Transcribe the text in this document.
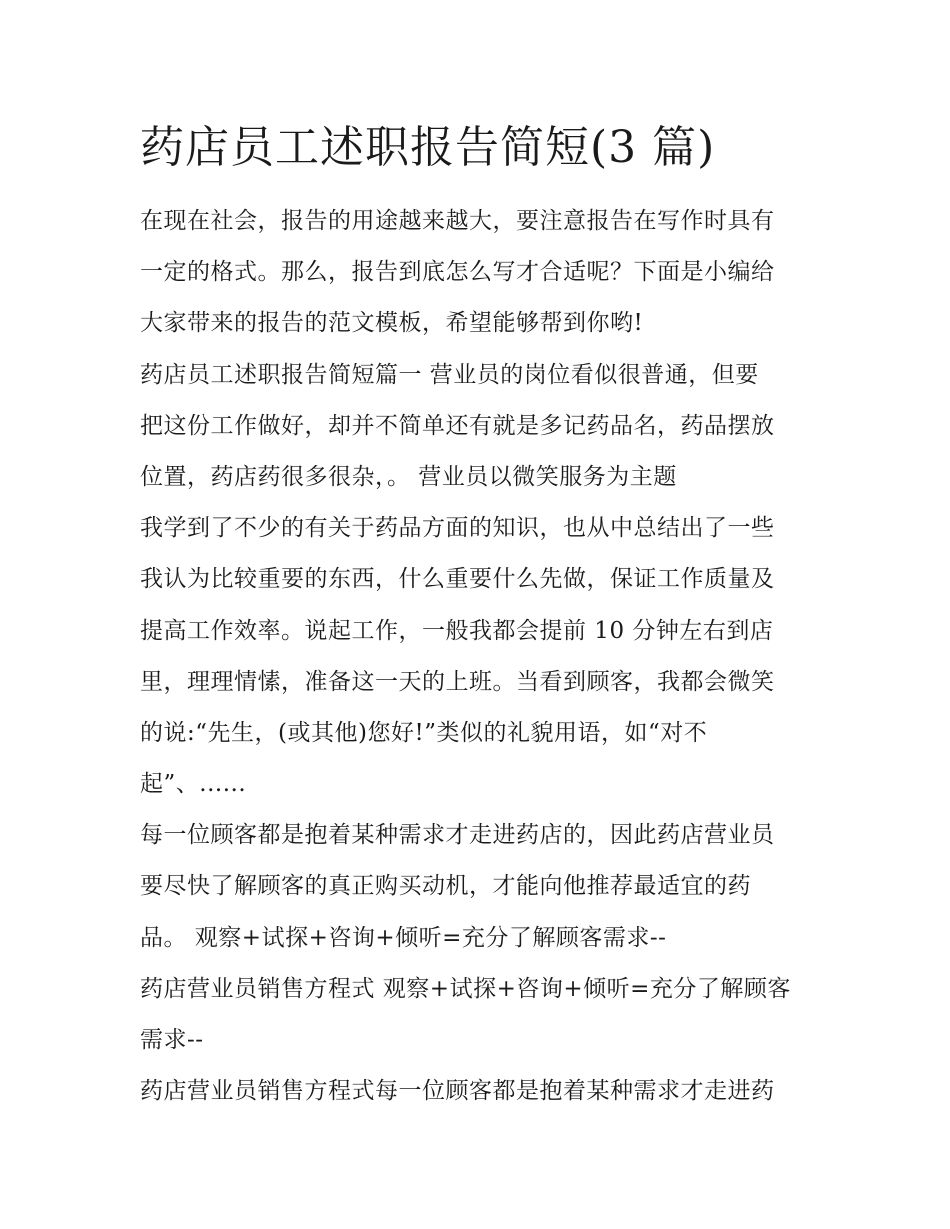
药店员工述职报告简短(3 篇)
在现在社会，报告的用途越来越大，要注意报告在写作时具有
一定的格式。那么，报告到底怎么写才合适呢？下面是小编给
大家带来的报告的范文模板，希望能够帮到你哟!
药店员工述职报告简短篇一 营业员的岗位看似很普通，但要
把这份工作做好，却并不简单还有就是多记药品名，药品摆放
位置，药店药很多很杂，。 营业员以微笑服务为主题
我学到了不少的有关于药品方面的知识，也从中总结出了一些
我认为比较重要的东西，什么重要什么先做，保证工作质量及
提高工作效率。说起工作，一般我都会提前 10 分钟左右到店
里，理理情愫，准备这一天的上班。当看到顾客，我都会微笑
的说:“先生，(或其他)您好!”类似的礼貌用语，如“对不
起”、......
每一位顾客都是抱着某种需求才走进药店的，因此药店营业员
要尽快了解顾客的真正购买动机，才能向他推荐最适宜的药
品。 观察+试探+咨询+倾听=充分了解顾客需求--
药店营业员销售方程式 观察+试探+咨询+倾听=充分了解顾客
需求--
药店营业员销售方程式每一位顾客都是抱着某种需求才走进药
